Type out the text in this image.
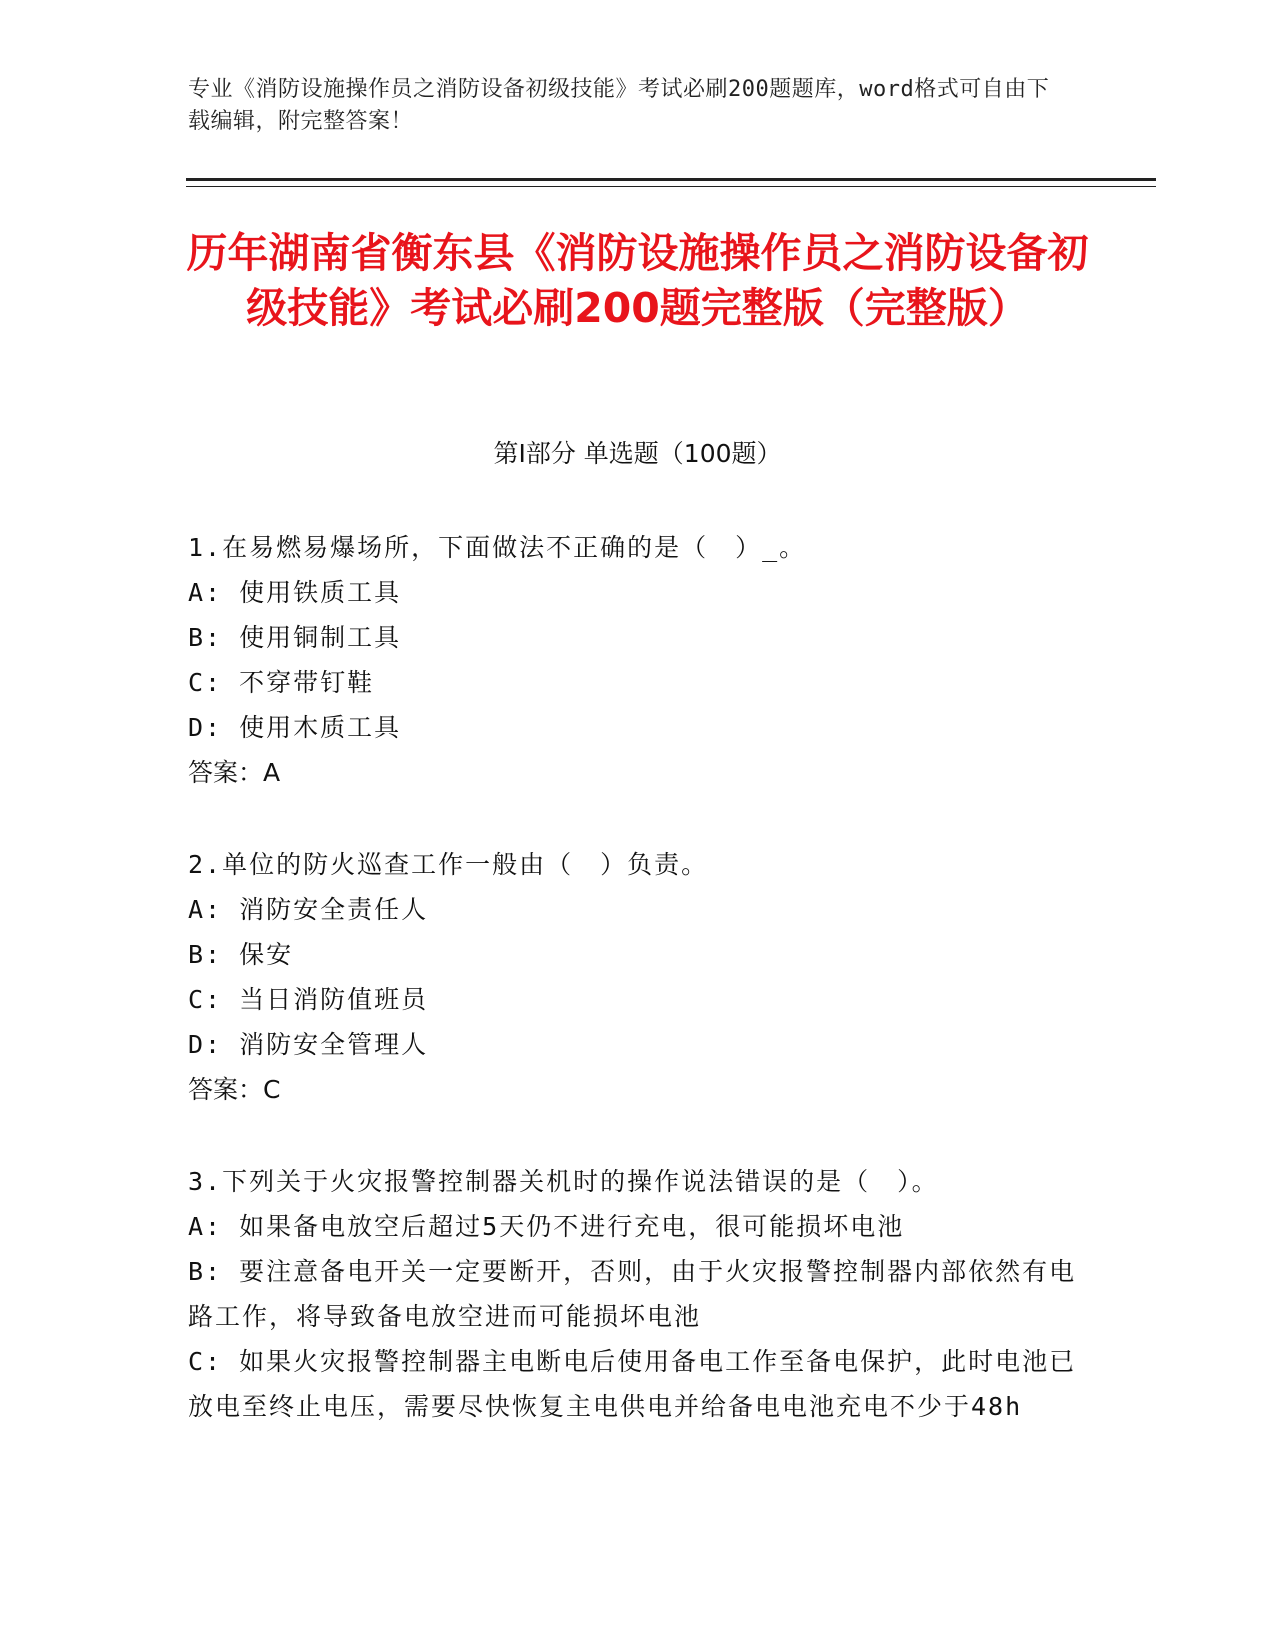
专业《消防设施操作员之消防设备初级技能》考试必刷200题题库，word格式可自由下载编辑，附完整答案！
历年湖南省衡东县《消防设施操作员之消防设备初级技能》考试必刷200题完整版（完整版）
第Ⅰ部分 单选题（100题）

1.在易燃易爆场所，下面做法不正确的是（　）_。

A: 使用铁质工具

B: 使用铜制工具

C: 不穿带钉鞋

D: 使用木质工具

答案：A

2.单位的防火巡查工作一般由（　）负责。

A: 消防安全责任人

B: 保安

C: 当日消防值班员

D: 消防安全管理人

答案：C

3.下列关于火灾报警控制器关机时的操作说法错误的是（　）。

A: 如果备电放空后超过5天仍不进行充电，很可能损坏电池

B: 要注意备电开关一定要断开，否则，由于火灾报警控制器内部依然有电路工作，将导致备电放空进而可能损坏电池

C: 如果火灾报警控制器主电断电后使用备电工作至备电保护，此时电池已放电至终止电压，需要尽快恢复主电供电并给备电电池充电不少于48h
